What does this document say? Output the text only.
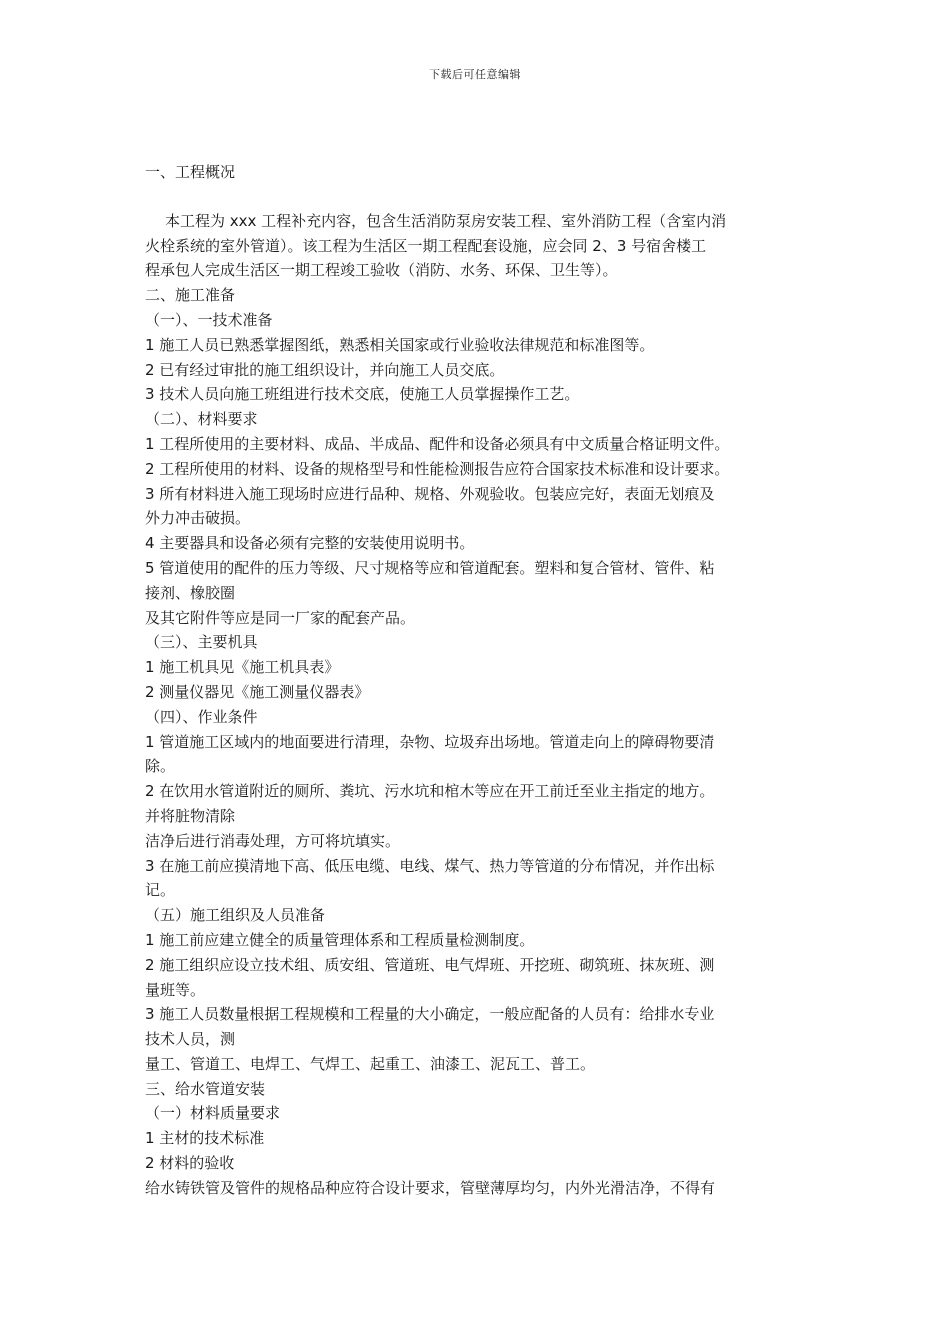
下载后可任意编辑
一、工程概况
本工程为 xxx 工程补充内容，包含生活消防泵房安装工程、室外消防工程（含室内消
火栓系统的室外管道）。该工程为生活区一期工程配套设施，应会同 2、3 号宿舍楼工
程承包人完成生活区一期工程竣工验收（消防、水务、环保、卫生等）。
二、施工准备
（一）、一技术准备
1 施工人员已熟悉掌握图纸，熟悉相关国家或行业验收法律规范和标准图等。
2 已有经过审批的施工组织设计，并向施工人员交底。
3 技术人员向施工班组进行技术交底，使施工人员掌握操作工艺。
（二）、材料要求
1 工程所使用的主要材料、成品、半成品、配件和设备必须具有中文质量合格证明文件。
2 工程所使用的材料、设备的规格型号和性能检测报告应符合国家技术标准和设计要求。
3 所有材料进入施工现场时应进行品种、规格、外观验收。包装应完好，表面无划痕及
外力冲击破损。
4 主要器具和设备必须有完整的安装使用说明书。
5 管道使用的配件的压力等级、尺寸规格等应和管道配套。塑料和复合管材、管件、粘
接剂、橡胶圈
及其它附件等应是同一厂家的配套产品。
（三）、主要机具
1 施工机具见《施工机具表》
2 测量仪器见《施工测量仪器表》
（四）、作业条件
1 管道施工区域内的地面要进行清理，杂物、垃圾弃出场地。管道走向上的障碍物要清
除。
2 在饮用水管道附近的厕所、粪坑、污水坑和棺木等应在开工前迁至业主指定的地方。
并将脏物清除
洁净后进行消毒处理，方可将坑填实。
3 在施工前应摸清地下高、低压电缆、电线、煤气、热力等管道的分布情况，并作出标
记。
（五）施工组织及人员准备
1 施工前应建立健全的质量管理体系和工程质量检测制度。
2 施工组织应设立技术组、质安组、管道班、电气焊班、开挖班、砌筑班、抹灰班、测
量班等。
3 施工人员数量根据工程规模和工程量的大小确定，一般应配备的人员有：给排水专业
技术人员，测
量工、管道工、电焊工、气焊工、起重工、油漆工、泥瓦工、普工。
三、给水管道安装
（一）材料质量要求
1 主材的技术标准
2 材料的验收
给水铸铁管及管件的规格品种应符合设计要求，管壁薄厚均匀，内外光滑洁净，不得有
